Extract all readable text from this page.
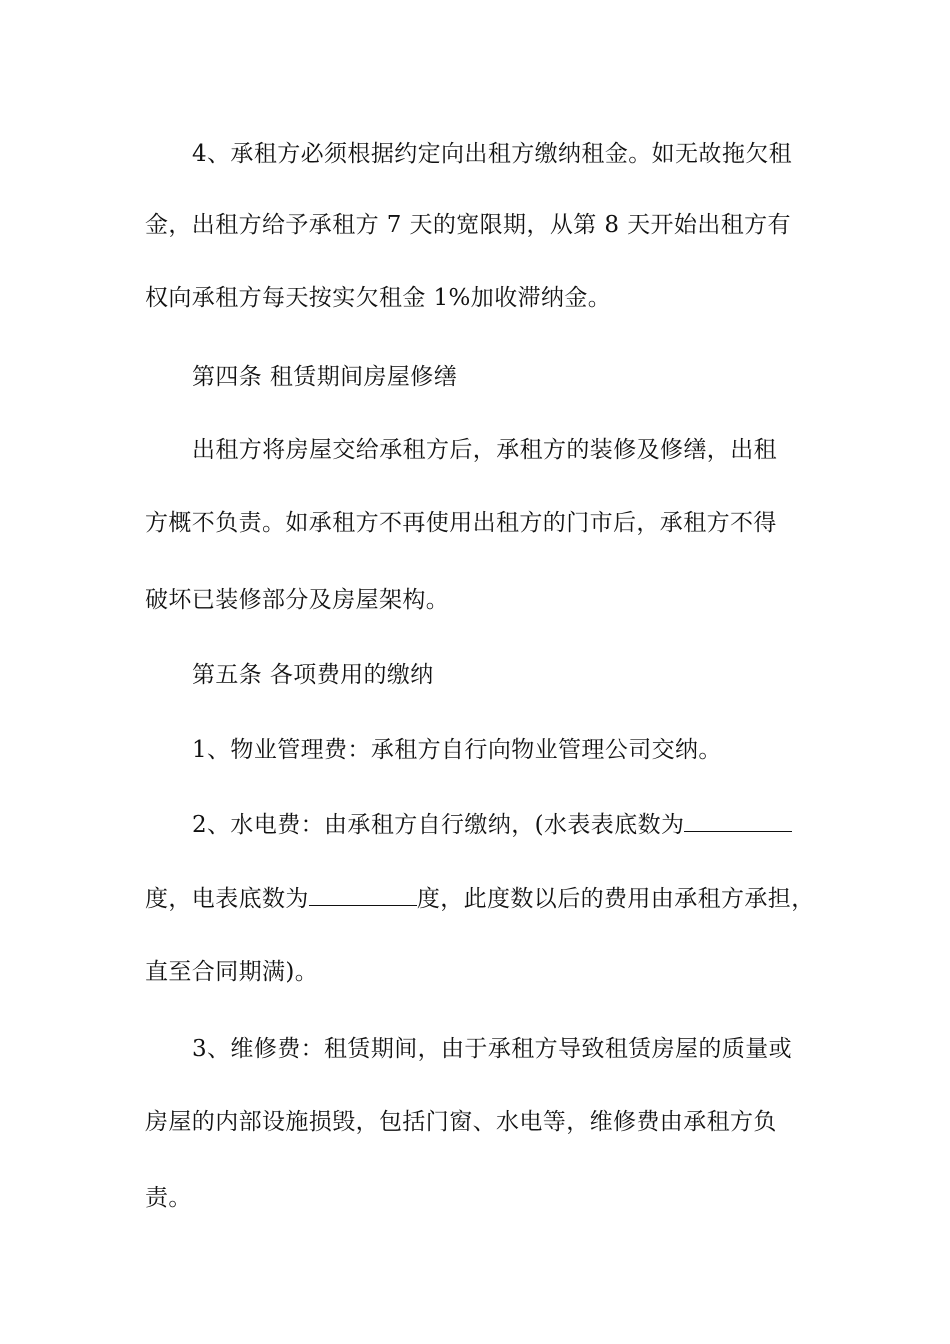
4、承租方必须根据约定向出租方缴纳租金。如无故拖欠租
金，出租方给予承租方 7 天的宽限期，从第 8 天开始出租方有
权向承租方每天按实欠租金 1%加收滞纳金。
第四条 租赁期间房屋修缮
出租方将房屋交给承租方后，承租方的装修及修缮，出租
方概不负责。如承租方不再使用出租方的门市后，承租方不得
破坏已装修部分及房屋架构。
第五条 各项费用的缴纳
1、物业管理费：承租方自行向物业管理公司交纳。
2、水电费：由承租方自行缴纳，(水表表底数为
度，电表底数为	度，此度数以后的费用由承租方承担，
直至合同期满)。
3、维修费：租赁期间，由于承租方导致租赁房屋的质量或
房屋的内部设施损毁，包括门窗、水电等，维修费由承租方负
责。
